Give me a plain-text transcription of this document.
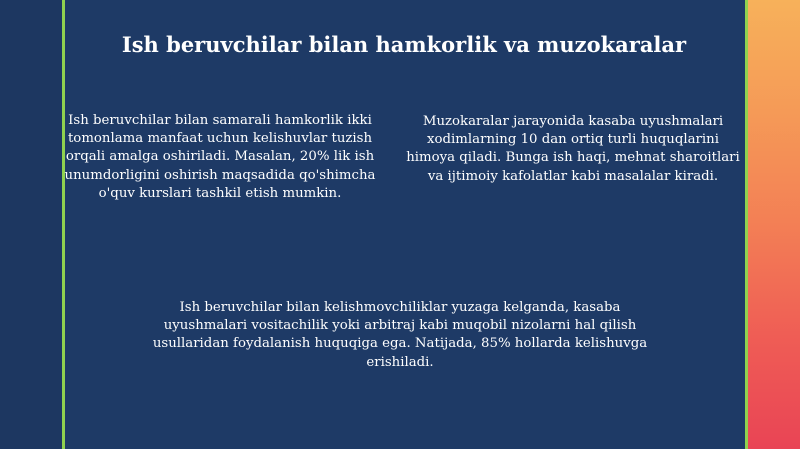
Ish beruvchilar bilan hamkorlik va muzokaralar

Ish beruvchilar bilan samarali hamkorlik ikki tomonlama manfaat uchun kelishuvlar tuzish orqali amalga oshiriladi. Masalan, 20% lik ish unumdorligini oshirish maqsadida qo'shimcha o'quv kurslari tashkil etish mumkin.

Muzokaralar jarayonida kasaba uyushmalari xodimlarning 10 dan ortiq turli huquqlarini himoya qiladi. Bunga ish haqi, mehnat sharoitlari va ijtimoiy kafolatlar kabi masalalar kiradi.

Ish beruvchilar bilan kelishmovchiliklar yuzaga kelganda, kasaba uyushmalari vositachilik yoki arbitraj kabi muqobil nizolarni hal qilish usullaridan foydalanish huquqiga ega. Natijada, 85% hollarda kelishuvga erishiladi.
